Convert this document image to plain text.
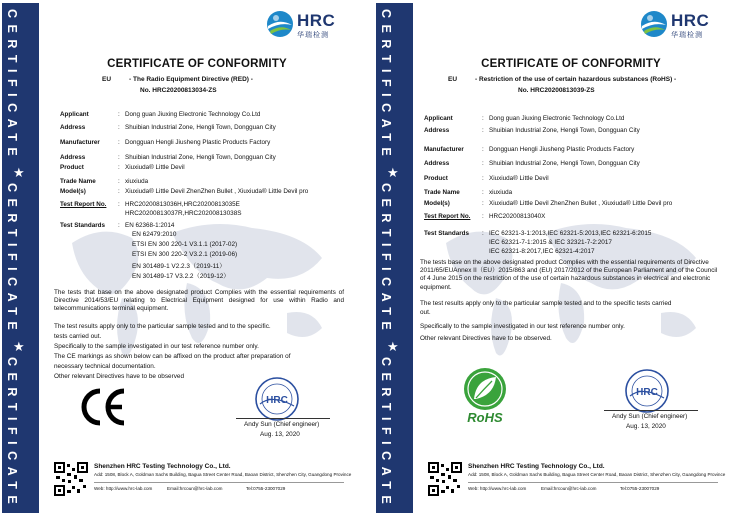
CERTIFICATE
★
CERTIFICATE
★
CERTIFICATE
HRC
华瑞检测
CERTIFICATE OF CONFORMITY
EU	- The Radio Equipment Directive (RED) -
No. HRC20200813034-ZS
Applicant	: Dong guan Jiuxing Electronic Technology Co.Ltd
Address	: Shuibian Industrial Zone, Hengli Town, Dongguan City
Manufacturer	: Dongguan Hengli Jiusheng Plastic Products Factory
Address	: Shuibian Industrial Zone, Hengli Town, Dongguan City
Product	: Xiuxiuda® Little Devil
Trade Name	: xiuxiuda
Model(s)	: Xiuxiuda® Little Devil ZhenZhen Bullet , Xiuxiuda® Little Devil pro
Test Report No. : HRC20200813036H,HRC20200813035E
HRC20200813037R,HRC20200813038S
Test Standards : EN 62368-1:2014
EN 62479:2010
ETSI EN 300 220-1 V3.1.1 (2017-02)
ETSI EN 300 220-2 V3.2.1 (2019-06)
EN 301489-1 V2.2.3（2019-11）
EN 301489-17 V3.2.2（2019-12）
The tests that base on the above designated product Complies with the essential requirements of Directive 2014/53/EU relating to Electrical Equipment designed for use within Radio and telecommunications terminal equipment.
The test results apply only to the particular sample tested and to the specific.
tests carried out.
Specifically to the sample investigated in our test reference number only.
The CE markings as shown below can be affixed on the product after preparation of
necessary technical documentation.
Other relevant Directives have to be observed
HRC
Andy Sun (Chief engineer)
Aug. 13, 2020
Shenzhen HRC Testing Technology Co., Ltd.
Add: 1508, Block A, Goldman Sachs Building, Bagua Street Center Road, Baoan District, Shenzhen City, Guangdong Province
Web: http://www.hrc-lab.com	Email:hrcoun@hrc-lab.com	Tel:0755-23007029
CERTIFICATE
★
CERTIFICATE
★
CERTIFICATE
HRC
华瑞检测
CERTIFICATE OF CONFORMITY
EU	- Restriction of the use of certain hazardous substances (RoHS) -
No. HRC20200813039-ZS
Applicant	: Dong guan Jiuxing Electronic Technology Co.Ltd
Address	: Shuibian Industrial Zone, Hengli Town, Dongguan City
Manufacturer	: Dongguan Hengli Jiusheng Plastic Products Factory
Address	: Shuibian Industrial Zone, Hengli Town, Dongguan City
Product	: Xiuxiuda® Little Devil
Trade Name	: xiuxiuda
Model(s)	: Xiuxiuda® Little Devil ZhenZhen Bullet , Xiuxiuda® Little Devil pro
Test Report No. : HRC20200813040X
Test Standards : IEC 62321-3-1:2013,IEC 62321-5:2013,IEC 62321-6:2015
IEC 62321-7-1:2015 & IEC 32321-7-2:2017
IEC 62321-8:2017,IEC 62321-4:2017
The tests base on the above designated product Complies with the essential requirements of Directive 2011/65/EUAnnex II（EU）2015/863 and (EU) 2017/2012 of the European Parliament and of the Council of 4 June 2015 on the restriction of the use of certain hazardous substances in electrical and electronic equipment.
The test results apply only to the particular sample tested and to the specific tests carried
out.
Specifically to the sample investigated in our test reference number only.
Other relevant Directives have to be observed.
RoHS
HRC
Andy Sun (Chief engineer)
Aug. 13, 2020
Shenzhen HRC Testing Technology Co., Ltd.
Add: 1508, Block A, Goldman Sachs Building, Bagua Street Center Road, Baoan District, Shenzhen City, Guangdong Province
Web: http://www.hrc-lab.com	Email:hrcoun@hrc-lab.com	Tel:0755-23007029
